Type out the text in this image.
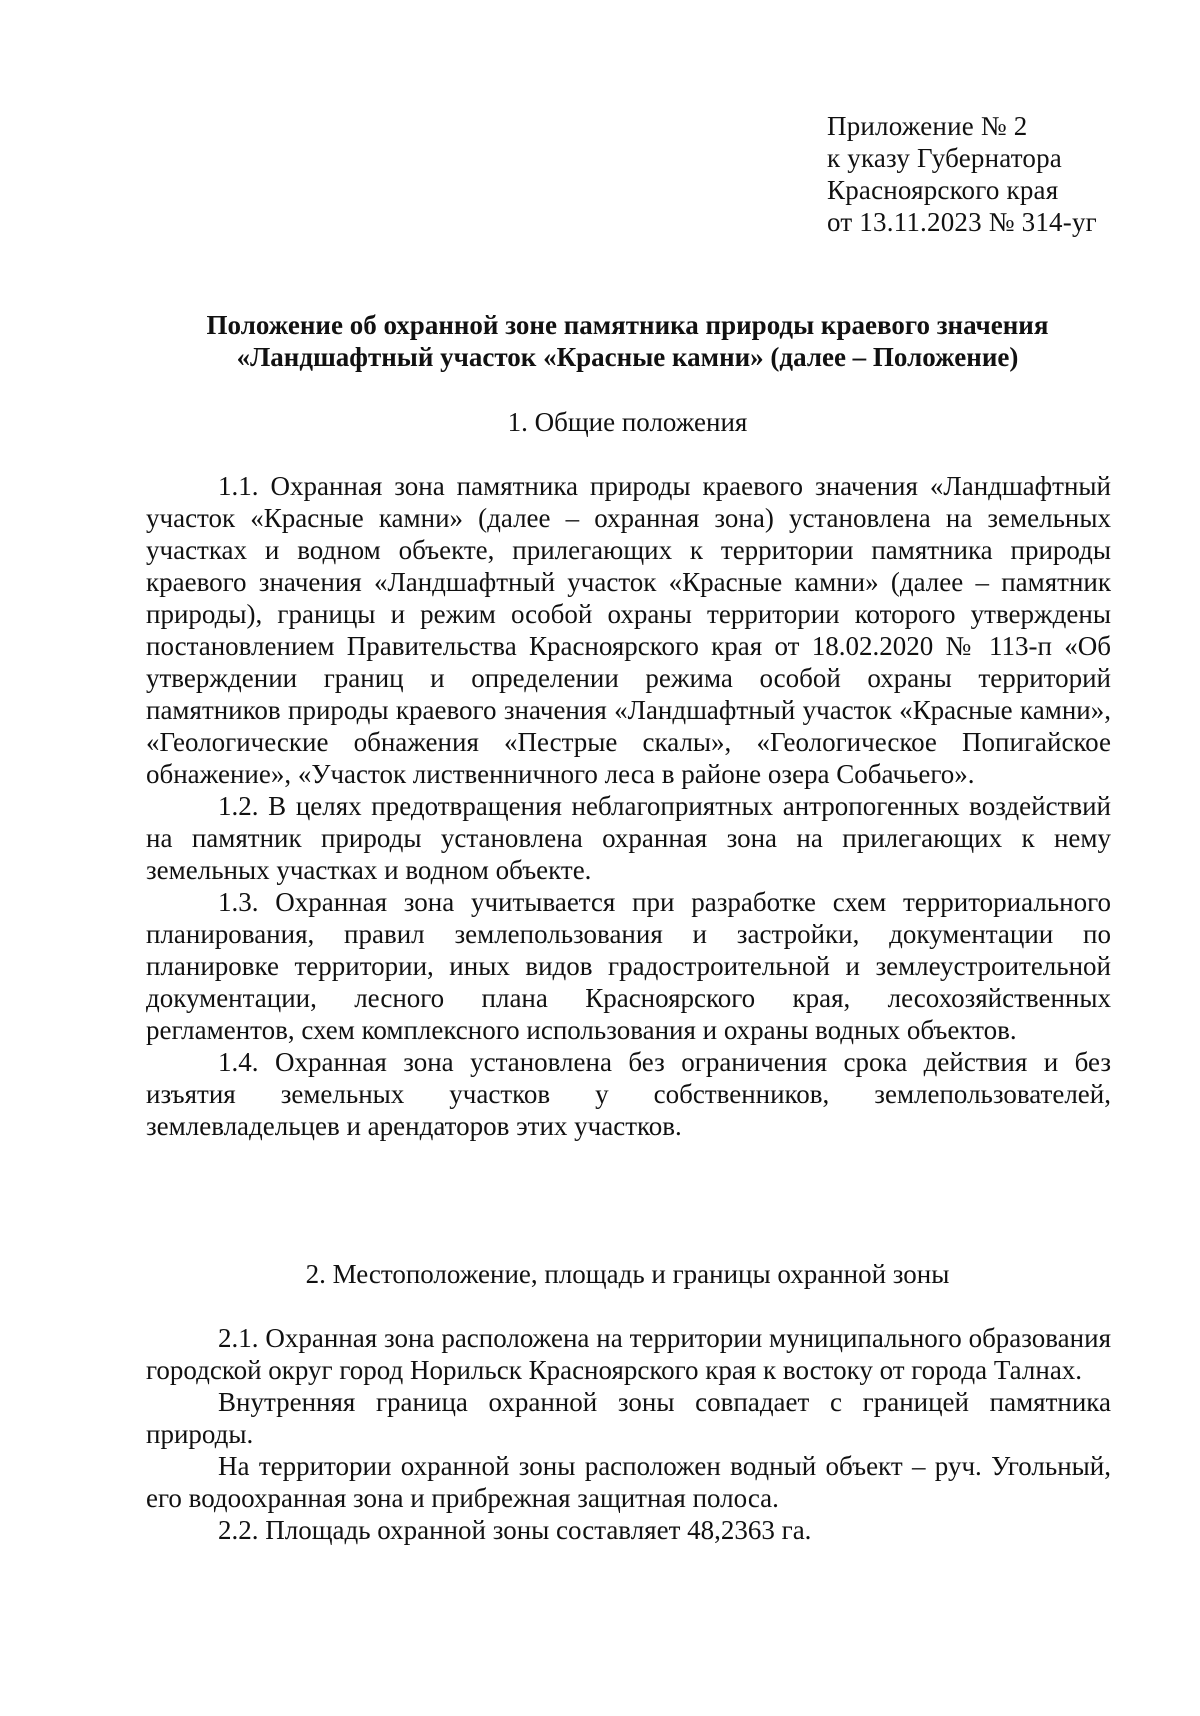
Приложение № 2
к указу Губернатора
Красноярского края
от 13.11.2023 № 314-уг
Положение об охранной зоне памятника природы краевого значения
«Ландшафтный участок «Красные камни» (далее – Положение)
1. Общие положения

1.1. Охранная зона памятника природы краевого значения «Ландшафтный участок «Красные камни» (далее – охранная зона) установлена на земельных участках и водном объекте, прилегающих к территории памятника природы краевого значения «Ландшафтный участок «Красные камни» (далее – памятник природы), границы и режим особой охраны территории которого утверждены постановлением Правительства Красноярского края от 18.02.2020 № 113-п «Об утверждении границ и определении режима особой охраны территорий памятников природы краевого значения «Ландшафтный участок «Красные камни», «Геологические обнажения «Пестрые скалы», «Геологическое Попигайское обнажение», «Участок лиственничного леса в районе озера Собачьего».

1.2. В целях предотвращения неблагоприятных антропогенных воздействий на памятник природы установлена охранная зона на прилегающих к нему земельных участках и водном объекте.

1.3. Охранная зона учитывается при разработке схем территориального планирования, правил землепользования и застройки, документации по планировке территории, иных видов градостроительной и землеустроительной документации, лесного плана Красноярского края, лесохозяйственных регламентов, схем комплексного использования и охраны водных объектов.

1.4. Охранная зона установлена без ограничения срока действия и без изъятия земельных участков у собственников, землепользователей, землевладельцев и арендаторов этих участков.

2. Местоположение, площадь и границы охранной зоны

2.1. Охранная зона расположена на территории муниципального образования городской округ город Норильск Красноярского края к востоку от города Талнах.

Внутренняя граница охранной зоны совпадает с границей памятника природы.

На территории охранной зоны расположен водный объект – руч. Угольный, его водоохранная зона и прибрежная защитная полоса.

2.2. Площадь охранной зоны составляет 48,2363 га.
